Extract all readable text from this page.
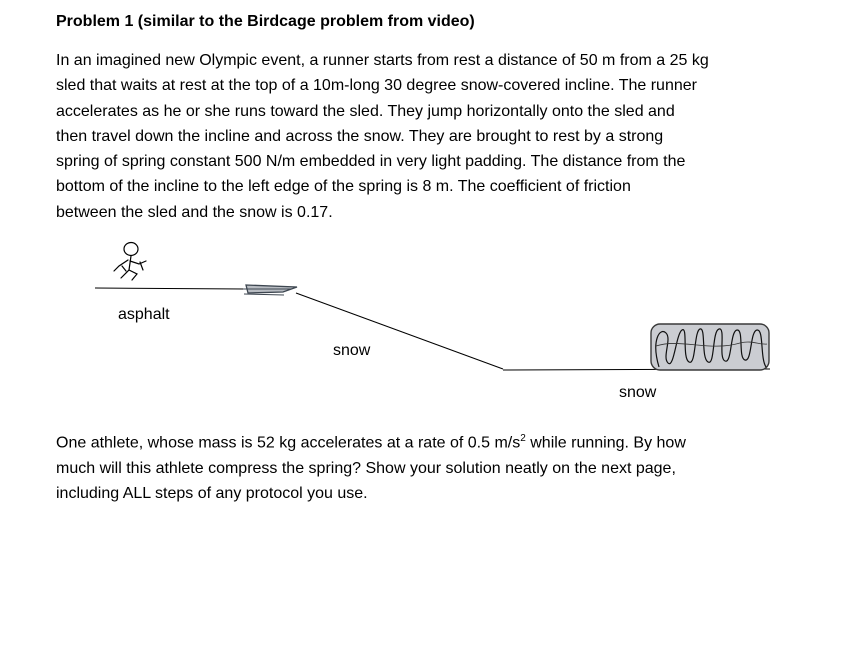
Problem 1 (similar to the Birdcage problem from video)
In an imagined new Olympic event, a runner starts from rest a distance of 50 m from a 25 kg
sled that waits at rest at the top of a 10m-long 30 degree snow-covered incline. The runner
accelerates as he or she runs toward the sled. They jump horizontally onto the sled and
then travel down the incline and across the snow. They are brought to rest by a strong
spring of spring constant 500 N/m embedded in very light padding. The distance from the
bottom of the incline to the left edge of the spring is 8 m. The coefficient of friction
between the sled and the snow is 0.17.
asphalt
snow
snow
One athlete, whose mass is 52 kg accelerates at a rate of 0.5 $m/s^2$ while running. By how
much will this athlete compress the spring? Show your solution neatly on the next page,
including ALL steps of any protocol you use.
